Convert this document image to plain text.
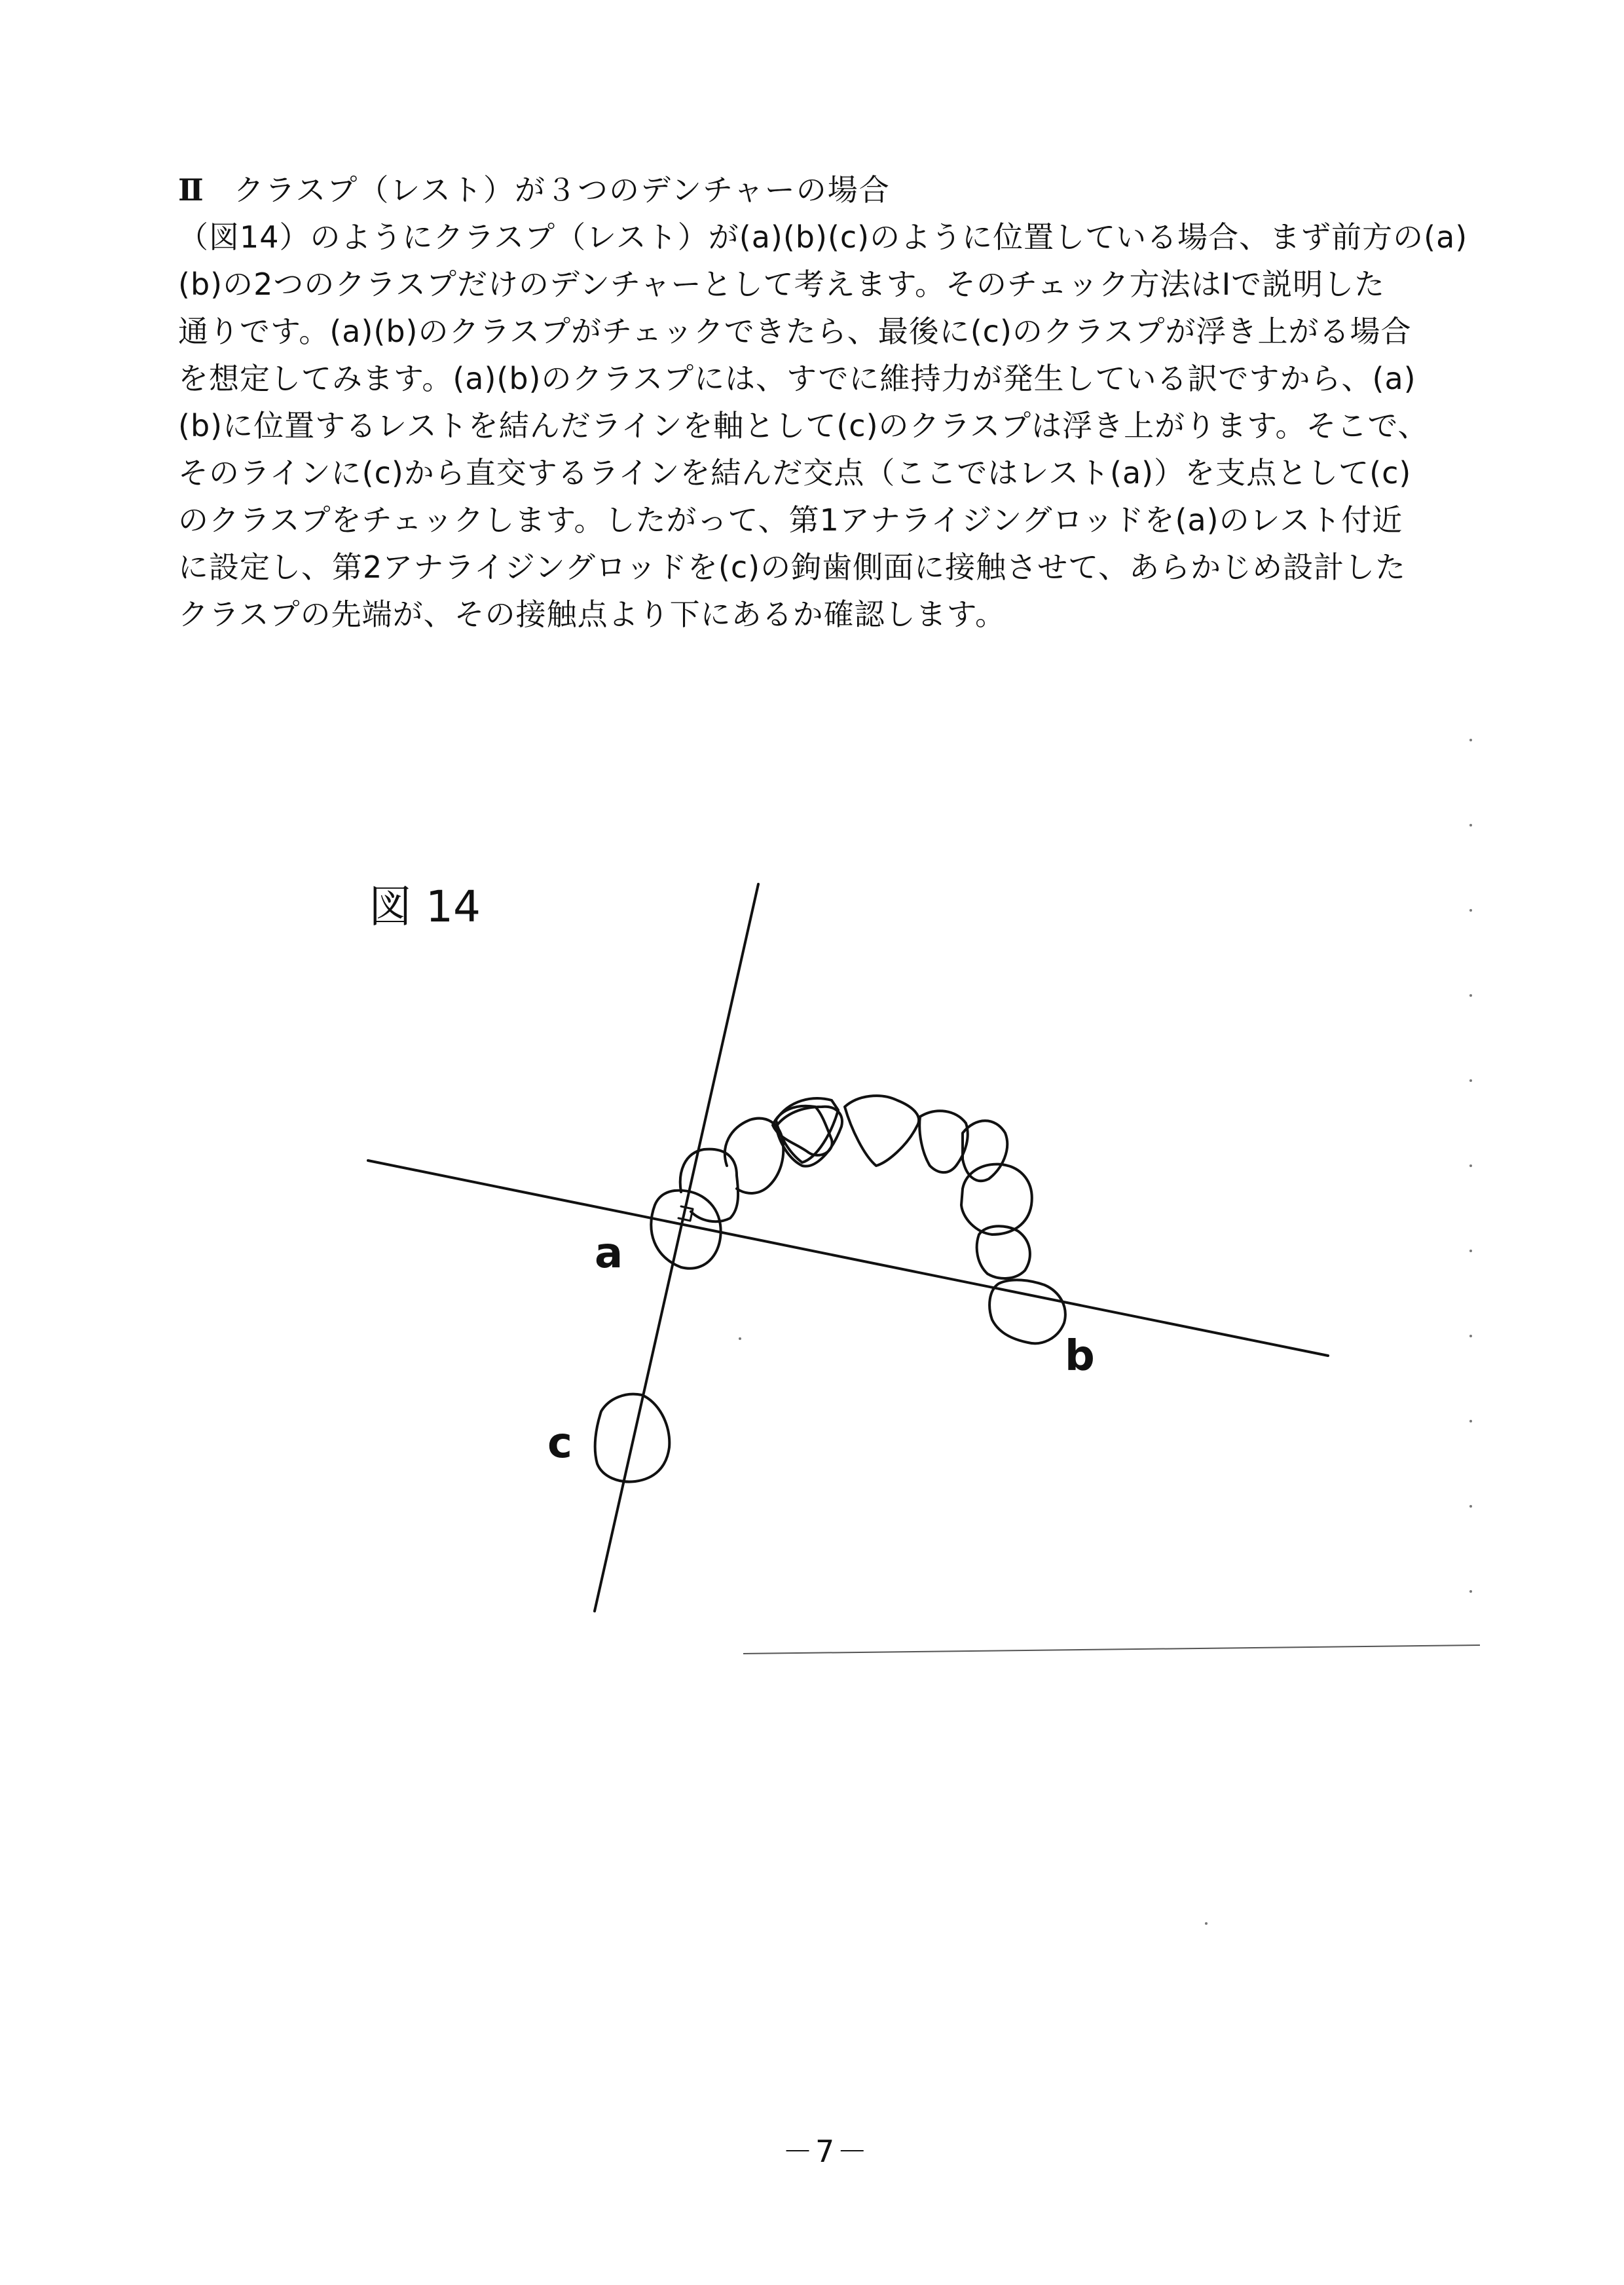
Ⅱ クラスプ（レスト）が３つのデンチャーの場合
（図14）のようにクラスプ（レスト）が(a)(b)(c)のように位置している場合、まず前方の(a)
(b)の2つのクラスプだけのデンチャーとして考えます。そのチェック方法はⅠで説明した
通りです。(a)(b)のクラスプがチェックできたら、最後に(c)のクラスプが浮き上がる場合
を想定してみます。(a)(b)のクラスプには、すでに維持力が発生している訳ですから、(a)
(b)に位置するレストを結んだラインを軸として(c)のクラスプは浮き上がります。そこで、
そのラインに(c)から直交するラインを結んだ交点（ここではレスト(a)）を支点として(c)
のクラスプをチェックします。したがって、第1アナライジングロッドを(a)のレスト付近
に設定し、第2アナライジングロッドを(c)の鉤歯側面に接触させて、あらかじめ設計した
クラスプの先端が、その接触点より下にあるか確認します。
図 14
a
b
c
－7－
